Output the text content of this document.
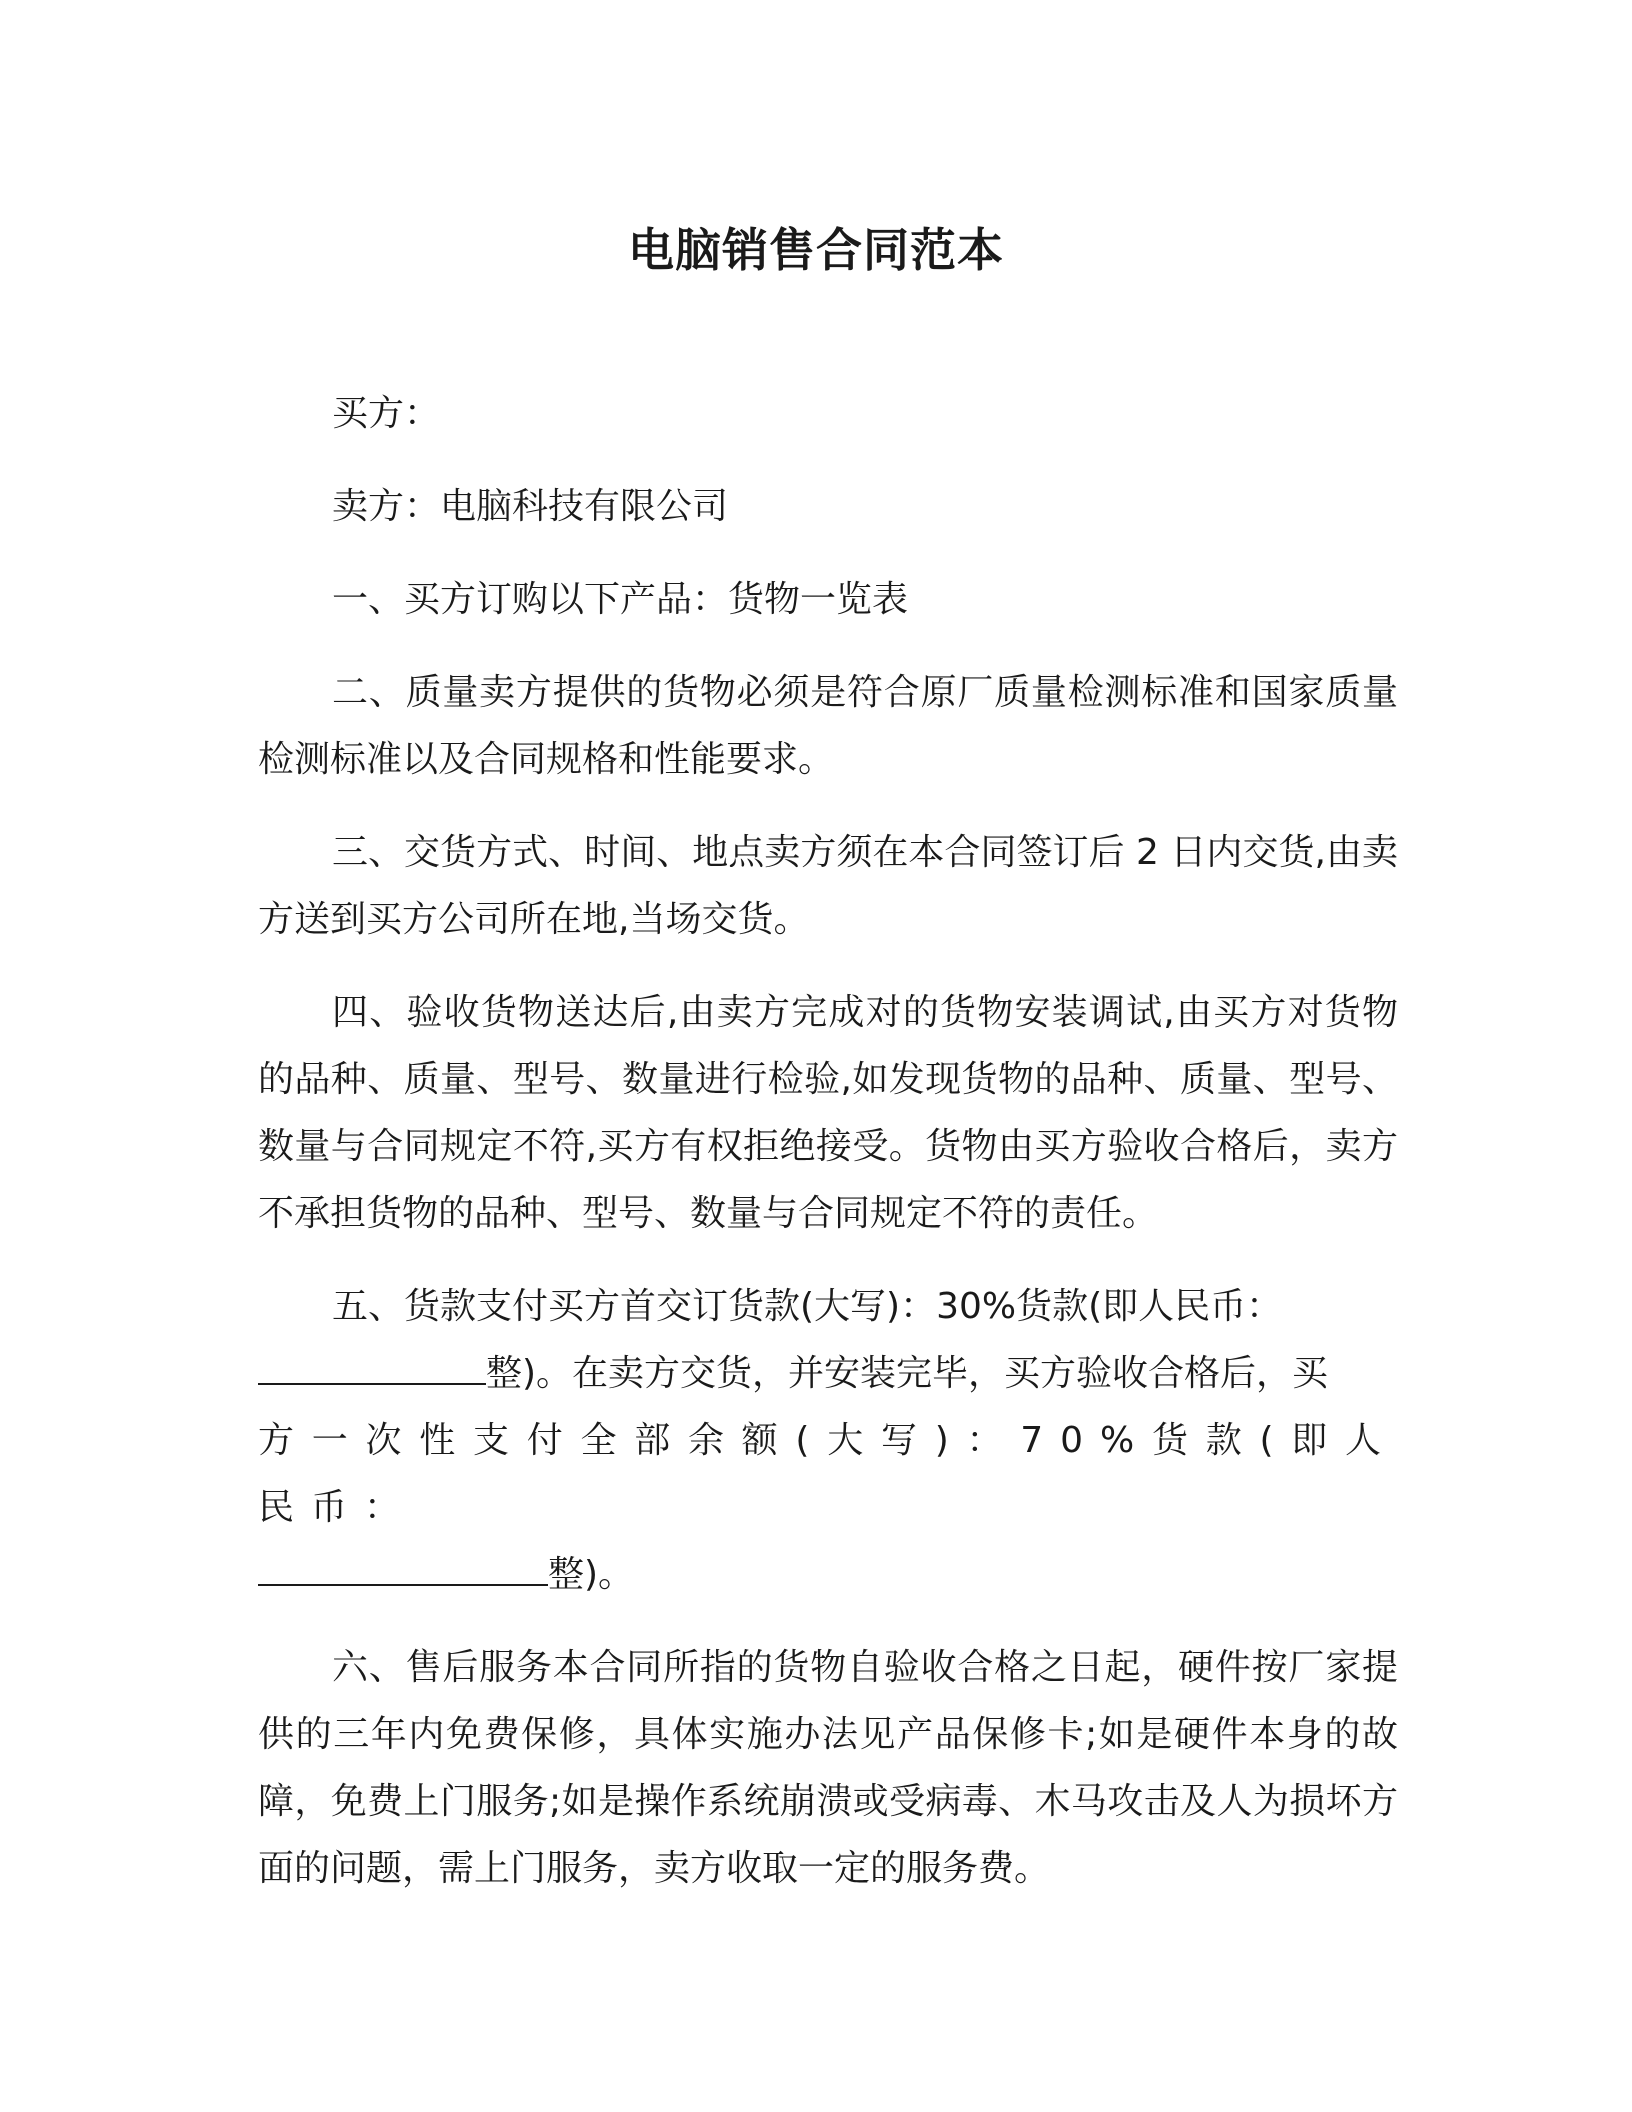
电脑销售合同范本

买方：

卖方：电脑科技有限公司

一、买方订购以下产品：货物一览表

二、质量卖方提供的货物必须是符合原厂质量检测标准和国家质量检测标准以及合同规格和性能要求。

三、交货方式、时间、地点卖方须在本合同签订后 2 日内交货,由卖方送到买方公司所在地,当场交货。

四、验收货物送达后,由卖方完成对的货物安装调试,由买方对货物的品种、质量、型号、数量进行检验,如发现货物的品种、质量、型号、数量与合同规定不符,买方有权拒绝接受。货物由买方验收合格后，卖方不承担货物的品种、型号、数量与合同规定不符的责任。

五、货款支付买方首交订货款(大写)：30%货款(即人民币：
整)。在卖方交货，并安装完毕，买方验收合格后，买
方一次性支付全部余额(大写)：70%货款(即人民币：
整)。

六、售后服务本合同所指的货物自验收合格之日起，硬件按厂家提供的三年内免费保修，具体实施办法见产品保修卡;如是硬件本身的故障，免费上门服务;如是操作系统崩溃或受病毒、木马攻击及人为损坏方面的问题，需上门服务，卖方收取一定的服务费。
